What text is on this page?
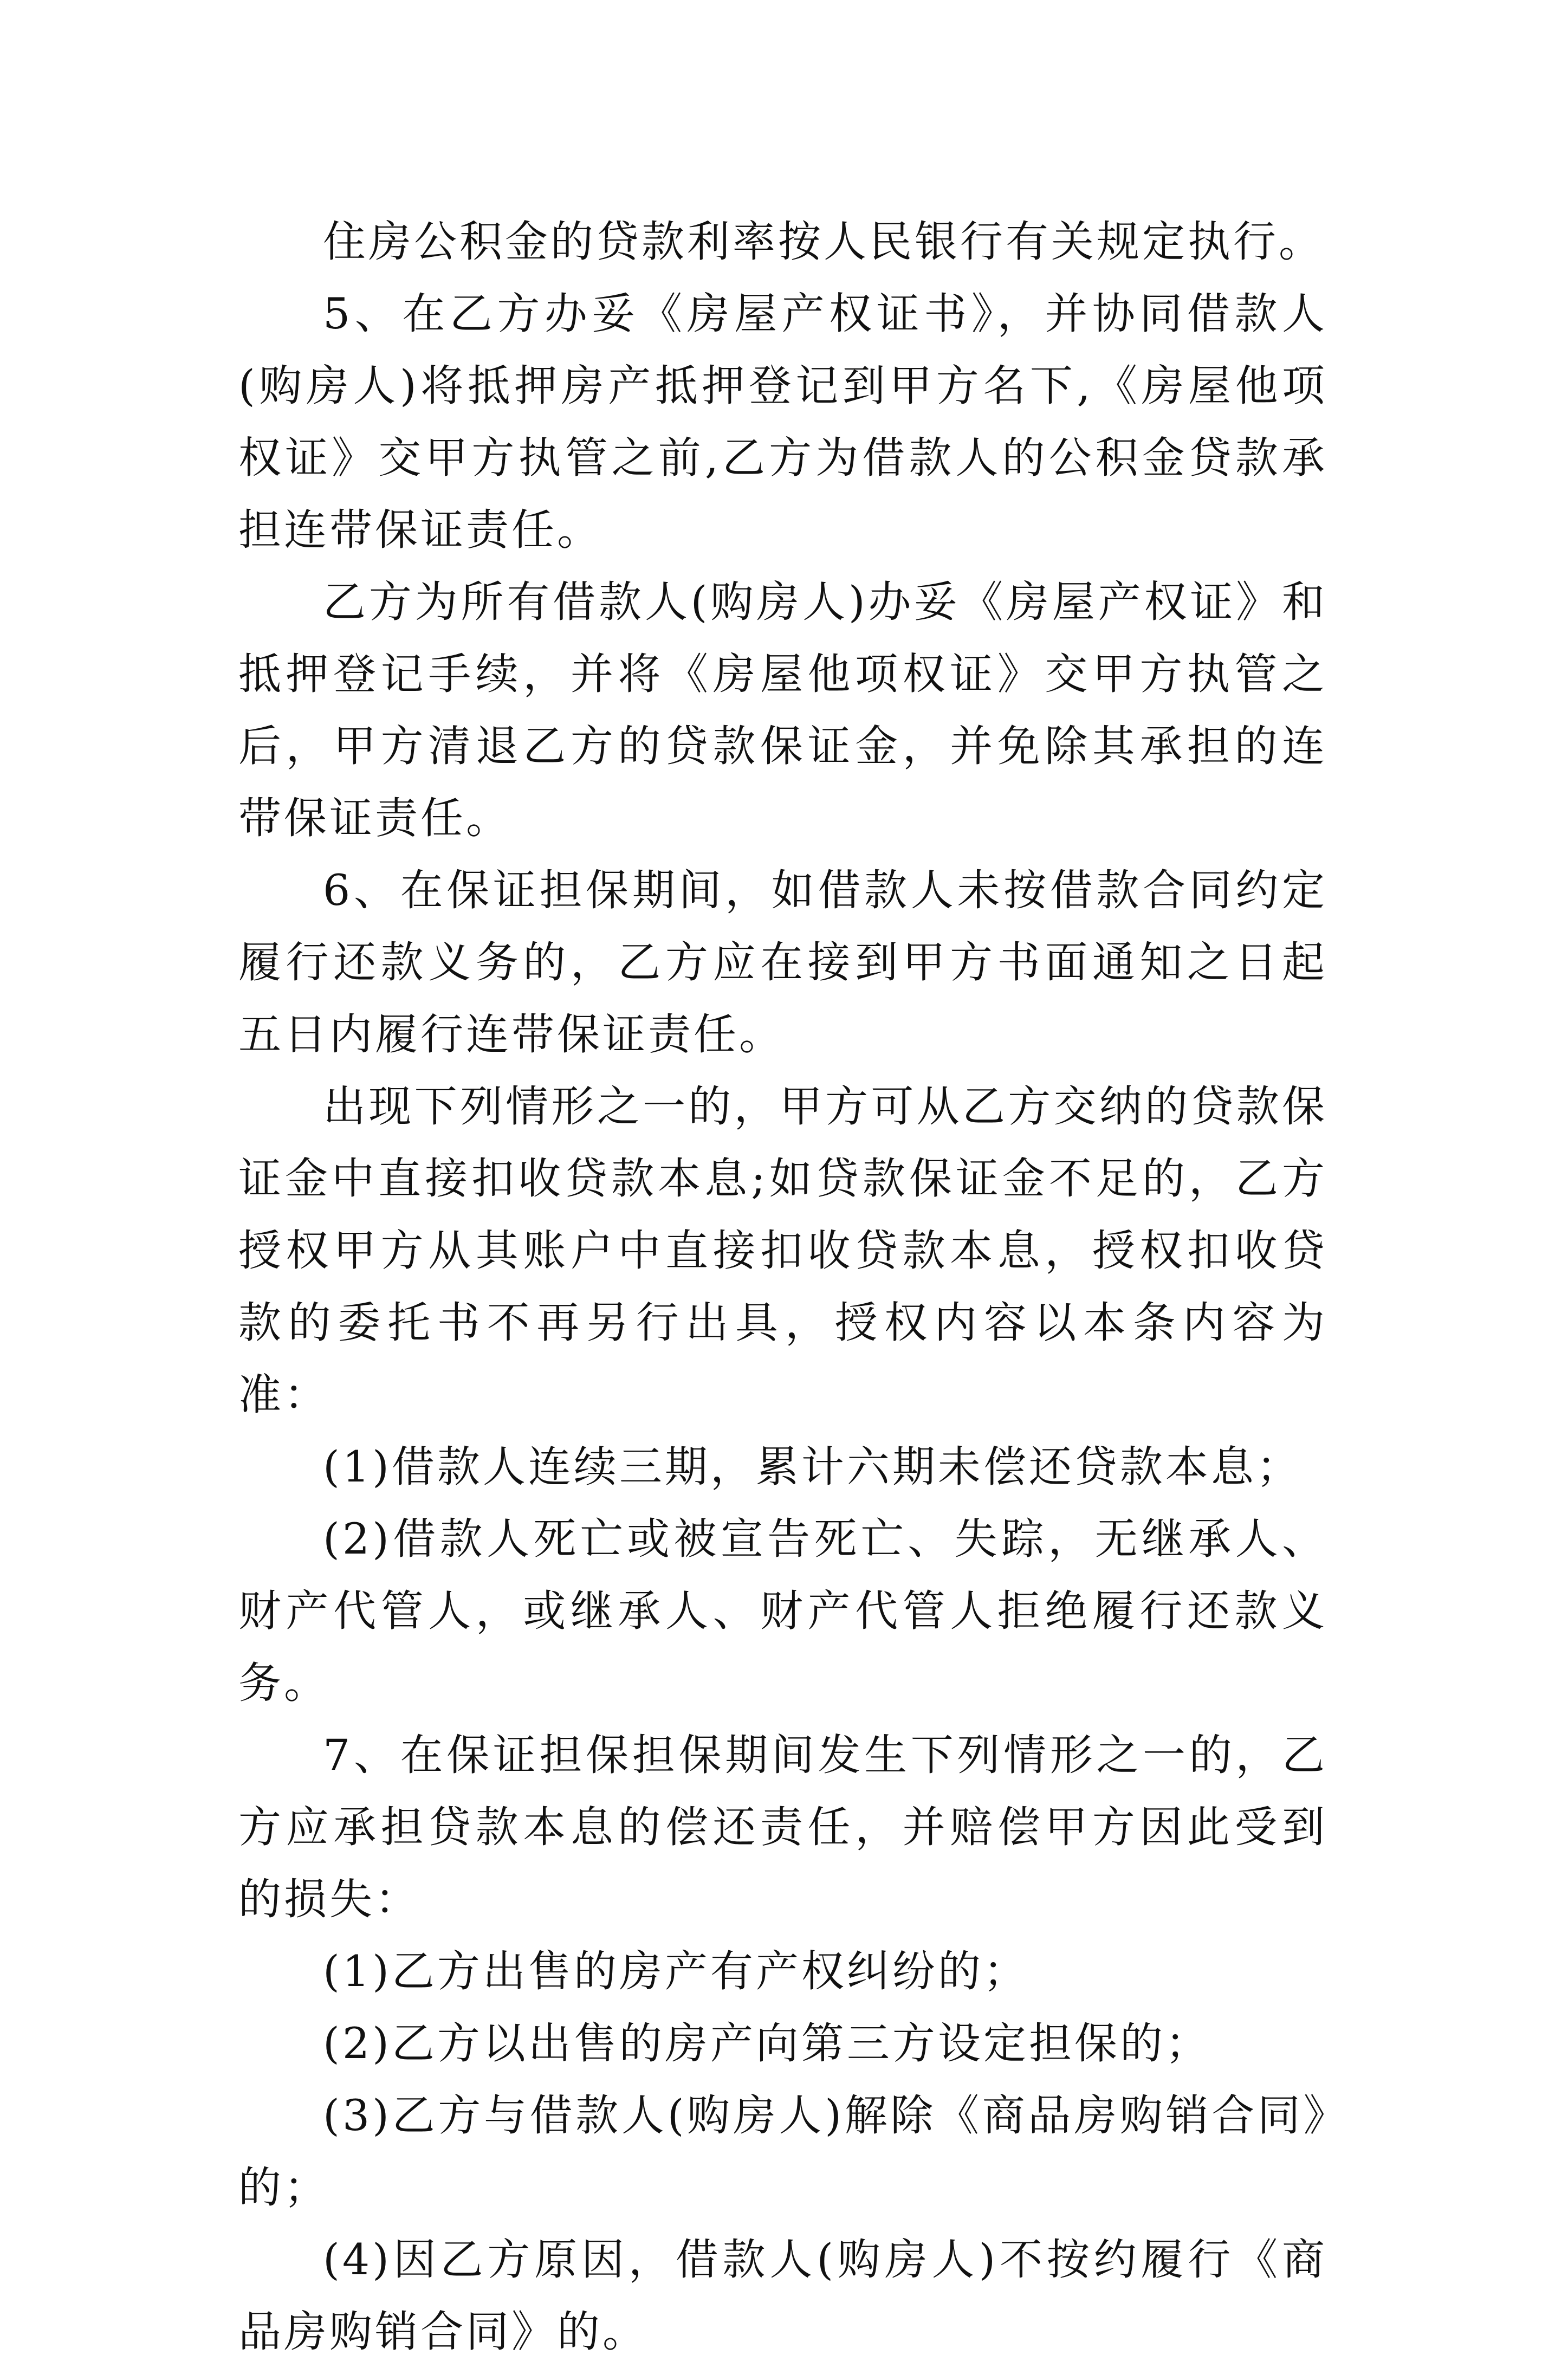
住房公积金的贷款利率按人民银行有关规定执行。

5、在乙方办妥《房屋产权证书》，并协同借款人(购房人)将抵押房产抵押登记到甲方名下,《房屋他项权证》交甲方执管之前,乙方为借款人的公积金贷款承担连带保证责任。

乙方为所有借款人(购房人)办妥《房屋产权证》和抵押登记手续，并将《房屋他项权证》交甲方执管之后，甲方清退乙方的贷款保证金，并免除其承担的连带保证责任。

6、在保证担保期间，如借款人未按借款合同约定履行还款义务的，乙方应在接到甲方书面通知之日起五日内履行连带保证责任。

出现下列情形之一的，甲方可从乙方交纳的贷款保证金中直接扣收贷款本息;如贷款保证金不足的，乙方授权甲方从其账户中直接扣收贷款本息，授权扣收贷款的委托书不再另行出具，授权内容以本条内容为准：

(1)借款人连续三期，累计六期未偿还贷款本息；

(2)借款人死亡或被宣告死亡、失踪，无继承人、财产代管人，或继承人、财产代管人拒绝履行还款义务。

7、在保证担保担保期间发生下列情形之一的，乙方应承担贷款本息的偿还责任，并赔偿甲方因此受到的损失：

(1)乙方出售的房产有产权纠纷的；

(2)乙方以出售的房产向第三方设定担保的；

(3)乙方与借款人(购房人)解除《商品房购销合同》的；

(4)因乙方原因，借款人(购房人)不按约履行《商品房购销合同》的。
